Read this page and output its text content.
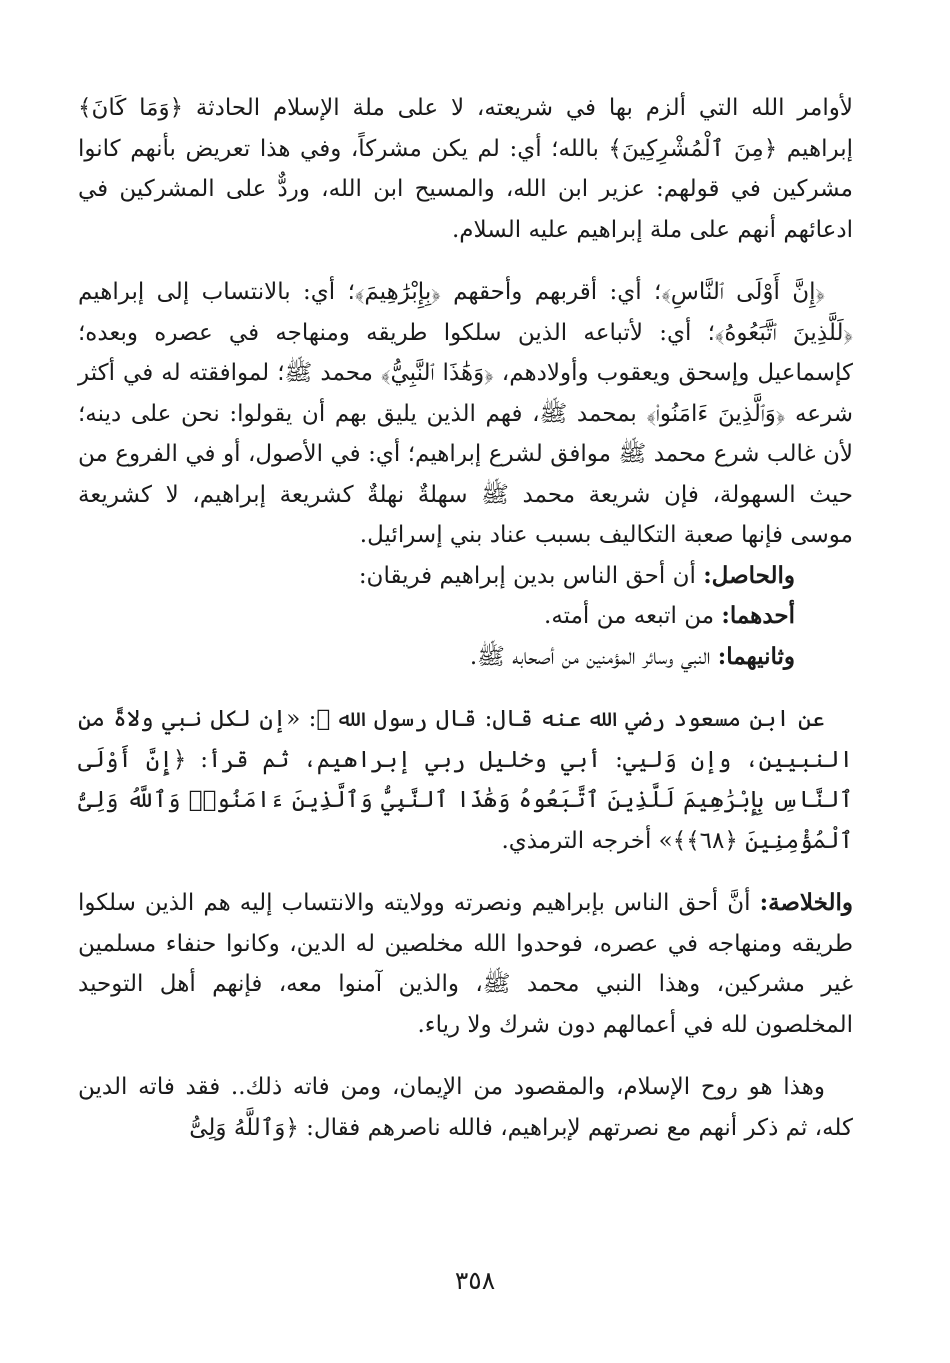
لأوامر الله التي ألزم بها في شريعته، لا على ملة الإسلام الحادثة ﴿وَمَا كَانَ﴾ إبراهيم ﴿مِنَ ٱلْمُشْرِكِينَ﴾ بالله؛ أي: لم يكن مشركاً، وفي هذا تعريض بأنهم كانوا مشركين في قولهم: عزير ابن الله، والمسيح ابن الله، وردٌّ على المشركين في ادعائهم أنهم على ملة إبراهيم عليه السلام.

﴿إِنَّ أَوْلَى ٱلنَّاسِ﴾؛ أي: أقربهم وأحقهم ﴿بِإِبْرَٰهِيمَ﴾؛ أي: بالانتساب إلى إبراهيم ﴿لَلَّذِينَ ٱتَّبَعُوهُ﴾؛ أي: لأتباعه الذين سلكوا طريقه ومنهاجه في عصره وبعده؛ كإسماعيل وإسحق ويعقوب وأولادهم، ﴿وَهَٰذَا ٱلنَّبِيُّ﴾ محمد ﷺ؛ لموافقته له في أكثر شرعه ﴿وَٱلَّذِينَ ءَامَنُوا۟﴾ بمحمد ﷺ، فهم الذين يليق بهم أن يقولوا: نحن على دينه؛ لأن غالب شرع محمد ﷺ موافق لشرع إبراهيم؛ أي: في الأصول، أو في الفروع من حيث السهولة، فإن شريعة محمد ﷺ سهلةٌ نهلةٌ كشريعة إبراهيم، لا كشريعة موسى فإنها صعبة التكاليف بسبب عناد بني إسرائيل.

والحاصل: أن أحق الناس بدين إبراهيم فريقان:

أحدهما: من اتبعه من أمته.

وثانيهما: النبي وسائر المؤمنين من أصحابه ﷺ.

عن ابن مسعود رضي الله عنه قال: قال رسول الله ﷺ: «إن لكل نبي ولاةً من النبيين، وإن وَليي: أبي وخليل ربي إبراهيم، ثم قرأ: ﴿إِنَّ أَوْلَى ٱلنَّاسِ بِإِبْرَٰهِيمَ لَلَّذِينَ ٱتَّبَعُوهُ وَهَٰذَا ٱلنَّبِيُّ وَٱلَّذِينَ ءَامَنُوا۟ وَٱللَّهُ وَلِىُّ ٱلْمُؤْمِنِينَ ﴿٦٨﴾﴾» أخرجه الترمذي.

والخلاصة: أنَّ أحق الناس بإبراهيم ونصرته وولايته والانتساب إليه هم الذين سلكوا طريقه ومنهاجه في عصره، فوحدوا الله مخلصين له الدين، وكانوا حنفاء مسلمين غير مشركين، وهذا النبي محمد ﷺ، والذين آمنوا معه، فإنهم أهل التوحيد المخلصون لله في أعمالهم دون شرك ولا رياء.

وهذا هو روح الإسلام، والمقصود من الإيمان، ومن فاته ذلك.. فقد فاته الدين كله، ثم ذكر أنهم مع نصرتهم لإبراهيم، فالله ناصرهم فقال: ﴿وَٱللَّهُ وَلِىُّ

٣٥٨
